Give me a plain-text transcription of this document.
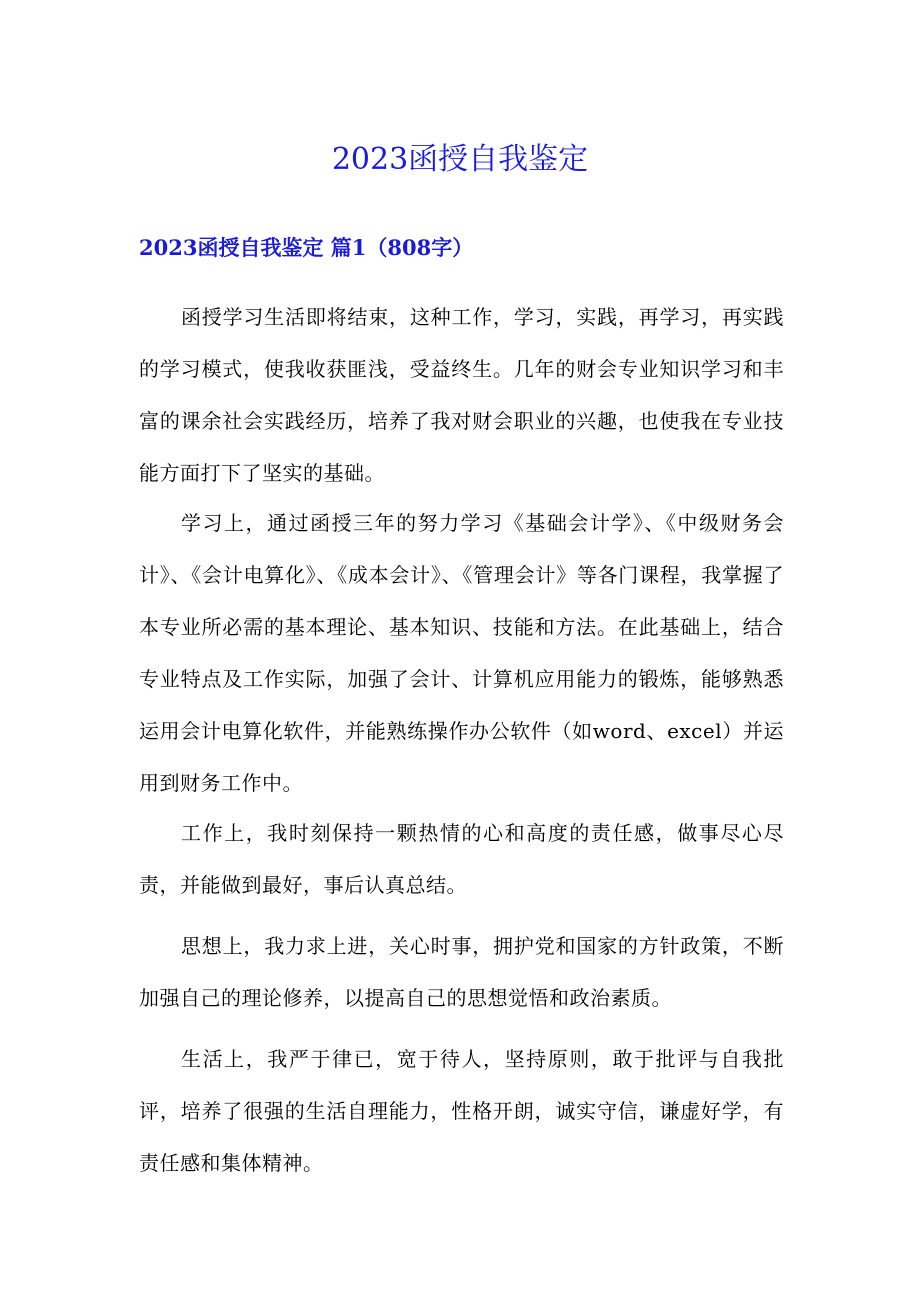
2023函授自我鉴定
2023函授自我鉴定 篇1（808字）

函授学习生活即将结束，这种工作，学习，实践，再学习，再实践的学习模式，使我收获匪浅，受益终生。几年的财会专业知识学习和丰富的课余社会实践经历，培养了我对财会职业的兴趣，也使我在专业技能方面打下了坚实的基础。

学习上，通过函授三年的努力学习《基础会计学》、《中级财务会计》、《会计电算化》、《成本会计》、《管理会计》等各门课程，我掌握了本专业所必需的基本理论、基本知识、技能和方法。在此基础上，结合专业特点及工作实际，加强了会计、计算机应用能力的锻炼，能够熟悉运用会计电算化软件，并能熟练操作办公软件（如word、excel）并运用到财务工作中。

工作上，我时刻保持一颗热情的心和高度的责任感，做事尽心尽责，并能做到最好，事后认真总结。

思想上，我力求上进，关心时事，拥护党和国家的方针政策，不断加强自己的理论修养，以提高自己的思想觉悟和政治素质。

生活上，我严于律已，宽于待人，坚持原则，敢于批评与自我批评，培养了很强的生活自理能力，性格开朗，诚实守信，谦虚好学，有责任感和集体精神。
